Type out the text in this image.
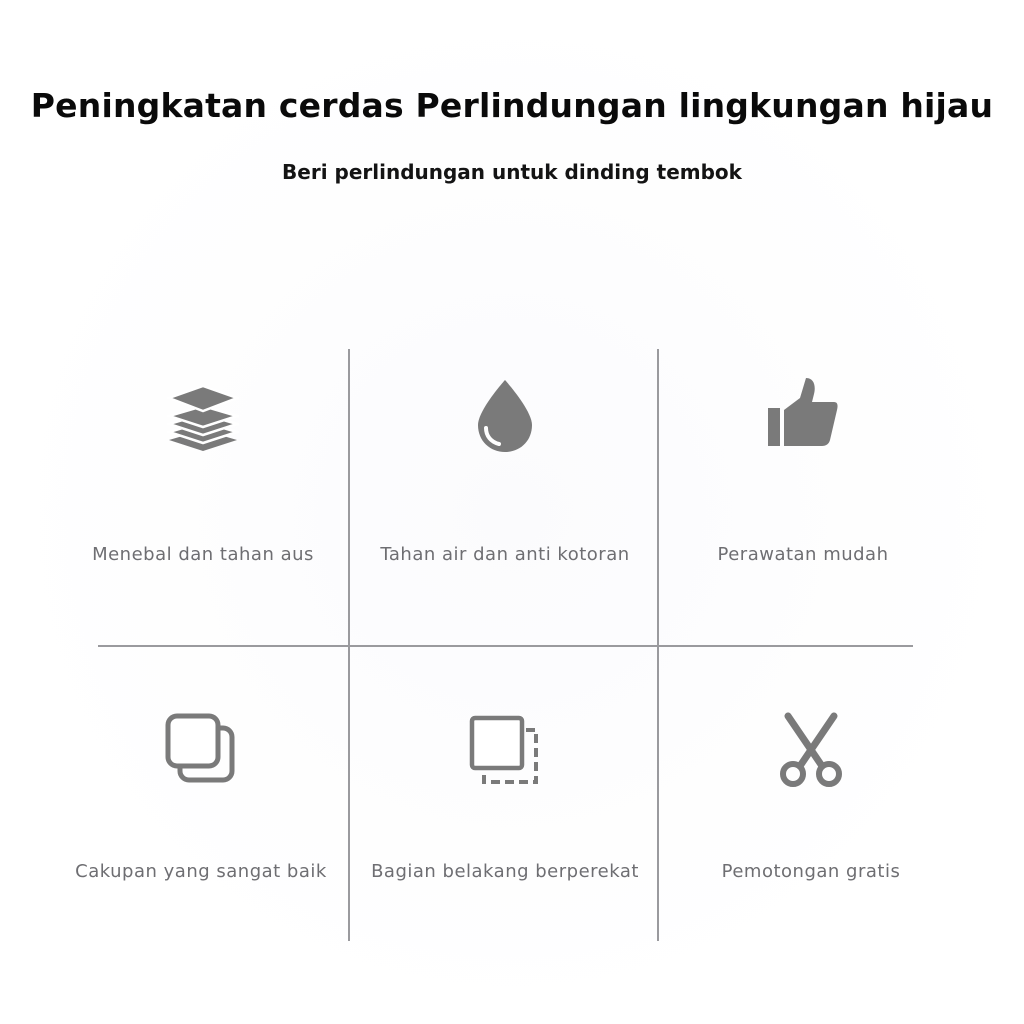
Peningkatan cerdas Perlindungan lingkungan hijau
Beri perlindungan untuk dinding tembok
Menebal dan tahan aus	Tahan air dan anti kotoran	Perawatan mudah
Cakupan yang sangat baik	Bagian belakang berperekat	Pemotongan gratis
